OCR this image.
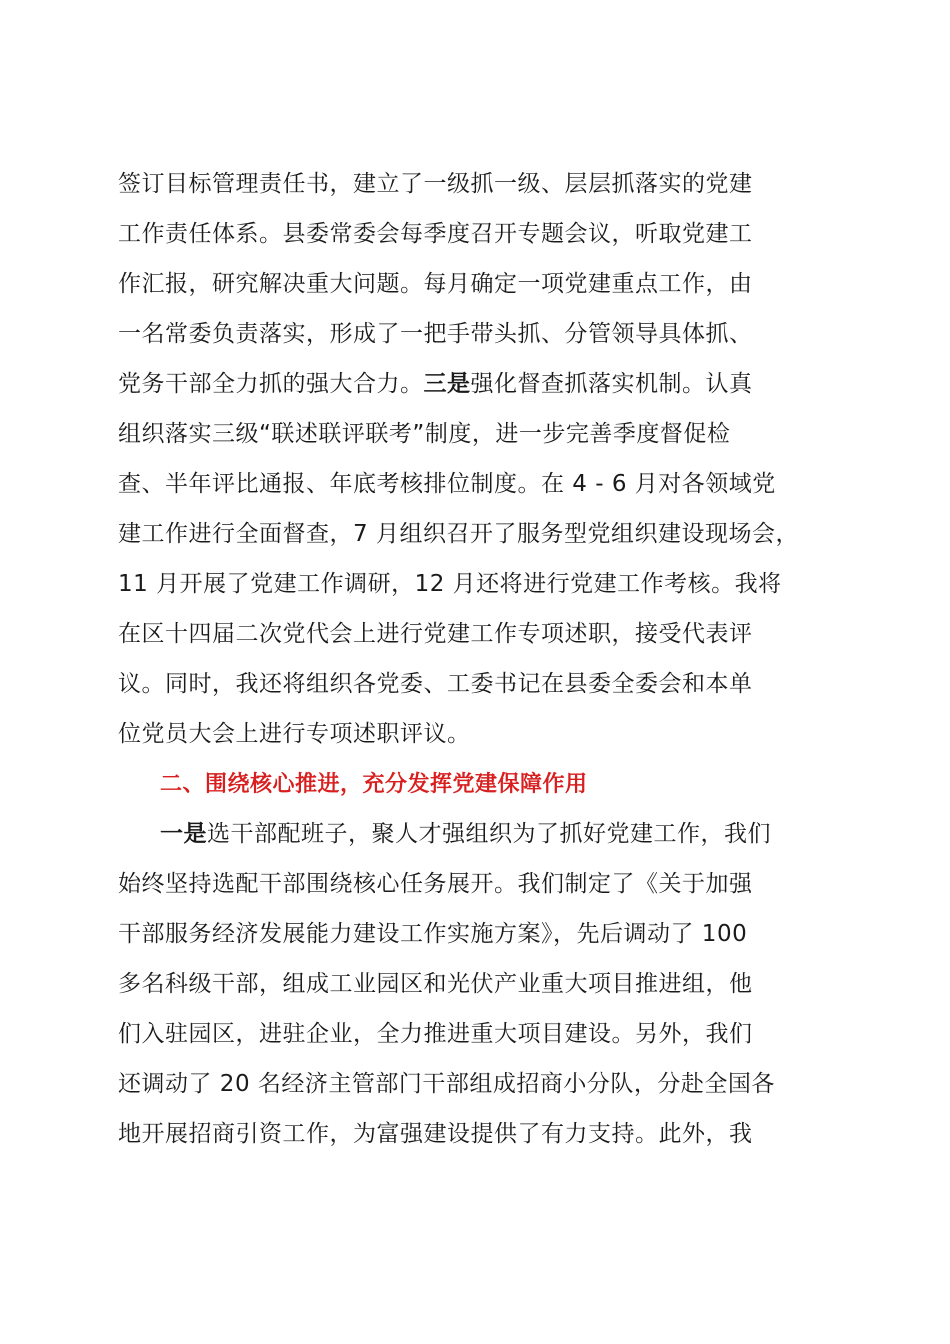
签订目标管理责任书，建立了一级抓一级、层层抓落实的党建
工作责任体系。县委常委会每季度召开专题会议，听取党建工
作汇报，研究解决重大问题。每月确定一项党建重点工作，由
一名常委负责落实，形成了一把手带头抓、分管领导具体抓、
党务干部全力抓的强大合力。三是强化督查抓落实机制。认真
组织落实三级“联述联评联考”制度，进一步完善季度督促检
查、半年评比通报、年底考核排位制度。在 4 - 6 月对各领域党
建工作进行全面督查，7 月组织召开了服务型党组织建设现场会，
11 月开展了党建工作调研，12 月还将进行党建工作考核。我将
在区十四届二次党代会上进行党建工作专项述职，接受代表评
议。同时，我还将组织各党委、工委书记在县委全委会和本单
位党员大会上进行专项述职评议。
二、围绕核心推进，充分发挥党建保障作用
一是选干部配班子，聚人才强组织为了抓好党建工作，我们
始终坚持选配干部围绕核心任务展开。我们制定了《关于加强
干部服务经济发展能力建设工作实施方案》，先后调动了 100
多名科级干部，组成工业园区和光伏产业重大项目推进组，他
们入驻园区，进驻企业，全力推进重大项目建设。另外，我们
还调动了 20 名经济主管部门干部组成招商小分队，分赴全国各
地开展招商引资工作，为富强建设提供了有力支持。此外，我
